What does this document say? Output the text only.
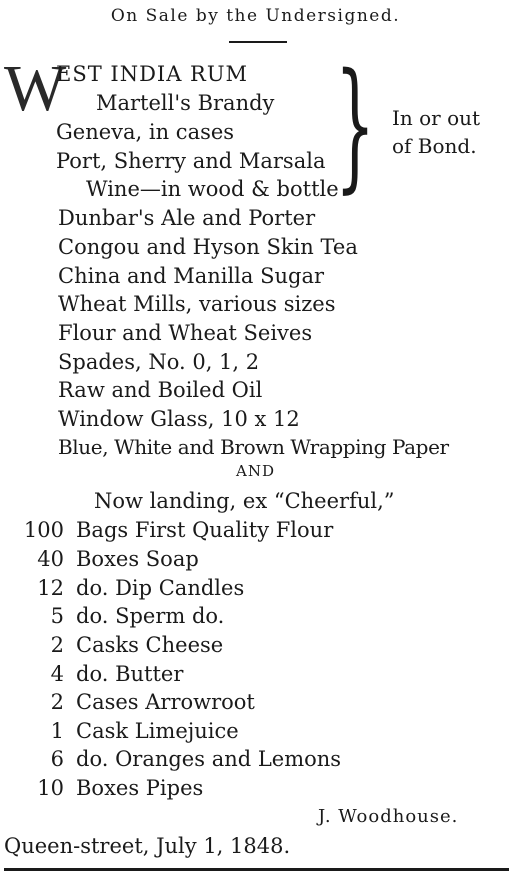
On Sale by the Undersigned.
W
EST INDIA RUM
Martell's Brandy
Geneva, in cases
Port, Sherry and Marsala
Wine—in wood & bottle
} In or out
of Bond.
Dunbar's Ale and Porter
Congou and Hyson Skin Tea
China and Manilla Sugar
Wheat Mills, various sizes
Flour and Wheat Seives
Spades, No. 0, 1, 2
Raw and Boiled Oil
Window Glass, 10 x 12
Blue, White and Brown Wrapping Paper
AND
Now landing, ex “Cheerful,”
100 Bags First Quality Flour
40 Boxes Soap
12 do. Dip Candles
5 do. Sperm do.
2 Casks Cheese
4 do. Butter
2 Cases Arrowroot
1 Cask Limejuice
6 do. Oranges and Lemons
10 Boxes Pipes
J. Woodhouse.
Queen-street, July 1, 1848.
